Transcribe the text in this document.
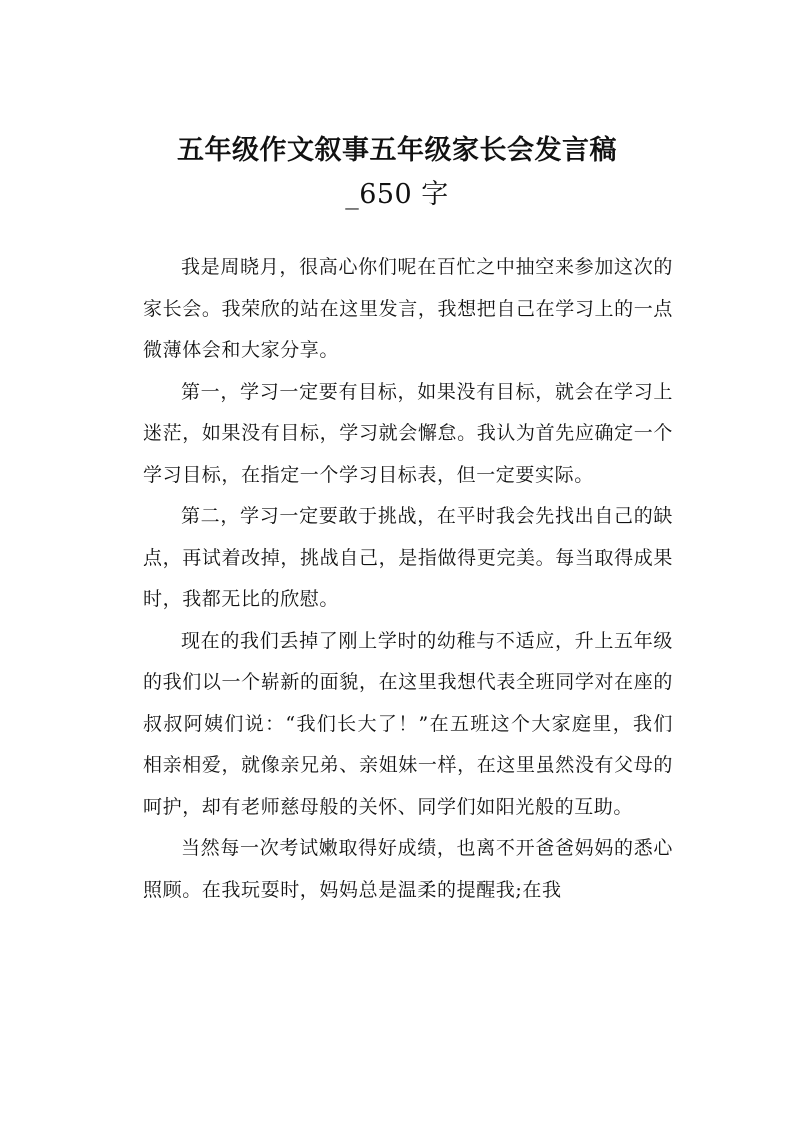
五年级作文叙事五年级家长会发言稿
_650 字

我是周晓月，很高心你们呢在百忙之中抽空来参加这次的家长会。我荣欣的站在这里发言，我想把自己在学习上的一点微薄体会和大家分享。

第一，学习一定要有目标，如果没有目标，就会在学习上迷茫，如果没有目标，学习就会懈怠。我认为首先应确定一个学习目标，在指定一个学习目标表，但一定要实际。

第二，学习一定要敢于挑战，在平时我会先找出自己的缺点，再试着改掉，挑战自己，是指做得更完美。每当取得成果时，我都无比的欣慰。

现在的我们丢掉了刚上学时的幼稚与不适应，升上五年级的我们以一个崭新的面貌，在这里我想代表全班同学对在座的叔叔阿姨们说：“我们长大了！”在五班这个大家庭里，我们相亲相爱，就像亲兄弟、亲姐妹一样，在这里虽然没有父母的呵护，却有老师慈母般的关怀、同学们如阳光般的互助。

当然每一次考试嫩取得好成绩，也离不开爸爸妈妈的悉心照顾。在我玩耍时，妈妈总是温柔的提醒我;在我
